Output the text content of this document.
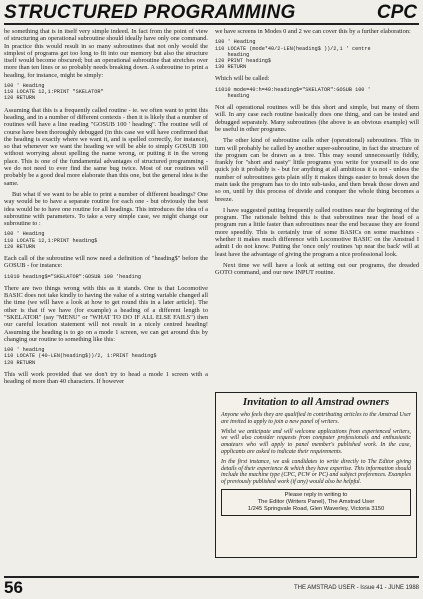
STRUCTURED PROGRAMMING	CPC

be something that is in itself very simple indeed. In fact from the point of view of structuring an operational subroutine should ideally have only one command. In practice this would result in so many subroutines that not only would the simplest of programs get too long to fit into our memory but also the structure itself would become obscured; but an operational subroutine that stretches over more than ten lines or so probably needs breaking down. A subroutine to print a heading, for instance, might be simply:

100 ' Heading
110 LOCATE 12,1:PRINT "SKELATOR"
120 RETURN

Assuming that this is a frequently called routine - ie. we often want to print this heading, and in a number of different contexts - then it is likely that a number of routines will have a line reading "GOSUB 100 ' heading". The routine will of course have been thoroughly debugged (in this case we will have confirmed that the heading is exactly where we want it, and is spelled correctly, for instance), so that whenever we want the heading we will be able to simply GOSUB 100 without worrying about spelling the name wrong, or putting it in the wrong place. This is one of the fundamental advantages of structured programming - we do not need to ever find the same bug twice. Most of our routines will probably be a good deal more elaborate than this one, but the general idea is the same.

But what if we want to be able to print a number of different headings? One way would be to have a separate routine for each one - but obviously the best idea would be to have one routine for all headings. This introduces the idea of a subroutine with parameters. To take a very simple case, we might change our subroutine to :

100 ' Heading
110 LOCATE 12,1:PRINT heading$
120 RETURN

Each call of the subroutine will now need a definition of "heading$" before the GOSUB - for instance:

11010 heading$="SKELATOR":GOSUB 100 'heading

There are two things wrong with this as it stands. One is that Locomotive BASIC does not take kindly to having the value of a string variable changed all the time (we will have a look at how to get round this in a later article). The other is that if we have (for example) a heading of a different length to "SKELATOR" (say "MENU" or "WHAT TO DO IF ALL ELSE FAILS") then our careful location statement will not result in a nicely centred heading! Assuming the heading is to go on a mode 1 screen, we can get around this by changing our routine to something like this:

100 ' heading
110 LOCATE (40-LEN(heading$))/2, 1:PRINT heading$
120 RETURN

This will work provided that we don't try to head a mode 1 screen with a heading of more than 40 characters. If however

we have screens in Modes 0 and 2 we can cover this by a further elaboration:

100 ' Heading
110 LOCATE (mode*40/2-LEN(heading$ ))/2,1 ' centre
heading
120 PRINT heading$
130 RETURN

Which will be called:

11010 mode=40:h=40:heading$="SKELATOR":GOSUB 100 '
heading

Not all operational routines will be this short and simple, but many of them will. In any case each routine basically does one thing, and can be tested and debugged separately. Many subroutines (the above is an obvious example) will be useful in other programs.

The other kind of subroutine calls other (operational) subroutines. This in turn will probably be called by another super-subroutine, in fact the structure of the program can be drawn as a tree. This may sound unnecessarily fiddly, frankly for "short and nasty" little programs you write for yourself to do one quick job it probably is - but for anything at all ambitious it is not - unless the number of subroutines gets plain silly it makes things easier to break down the main task the program has to do into sub-tasks, and then break those down and so on, until by this process of divide and conquer the whole thing becomes a breeze.

I have suggested putting frequently called routines near the beginning of the program. The rationale behind this is that subroutines near the head of a program run a little faster than subroutines near the end because they are found more speedily. This is certainly true of some BASICs on some machines - whether it makes much difference with Locomotive BASIC on the Amstrad I admit I do not know. Putting the 'once only' routines 'up near the back' will at least have the advantage of giving the program a nice professional look.

Next time we will have a look at setting out our programs, the dreaded GOTO command, and our new INPUT routine.

Invitation to all Amstrad owners

Anyone who feels they are qualified in contributing articles to the Amstrad User are invited to apply to join a new panel of writers.

Whilst we anticipate and will welcome applications from experienced writers, we will also consider requests from computer professionals and enthusiastic amateurs who will apply to panel member's published work. In the case, applicants are asked to indicate their requirements.

In the first instance, we ask candidates to write directly to The Editor giving details of their experience & which they have expertise. This information should include the machine type (CPC, PCW or PC) and subject preferences. Examples of previously published work (if any) would also be helpful.

Please reply in writing to
The Editor (Writers Panel), The Amstrad User
1/245 Springvale Road, Glen Waverley, Victoria 3150
56	THE AMSTRAD USER - Issue 41 - JUNE 1988
